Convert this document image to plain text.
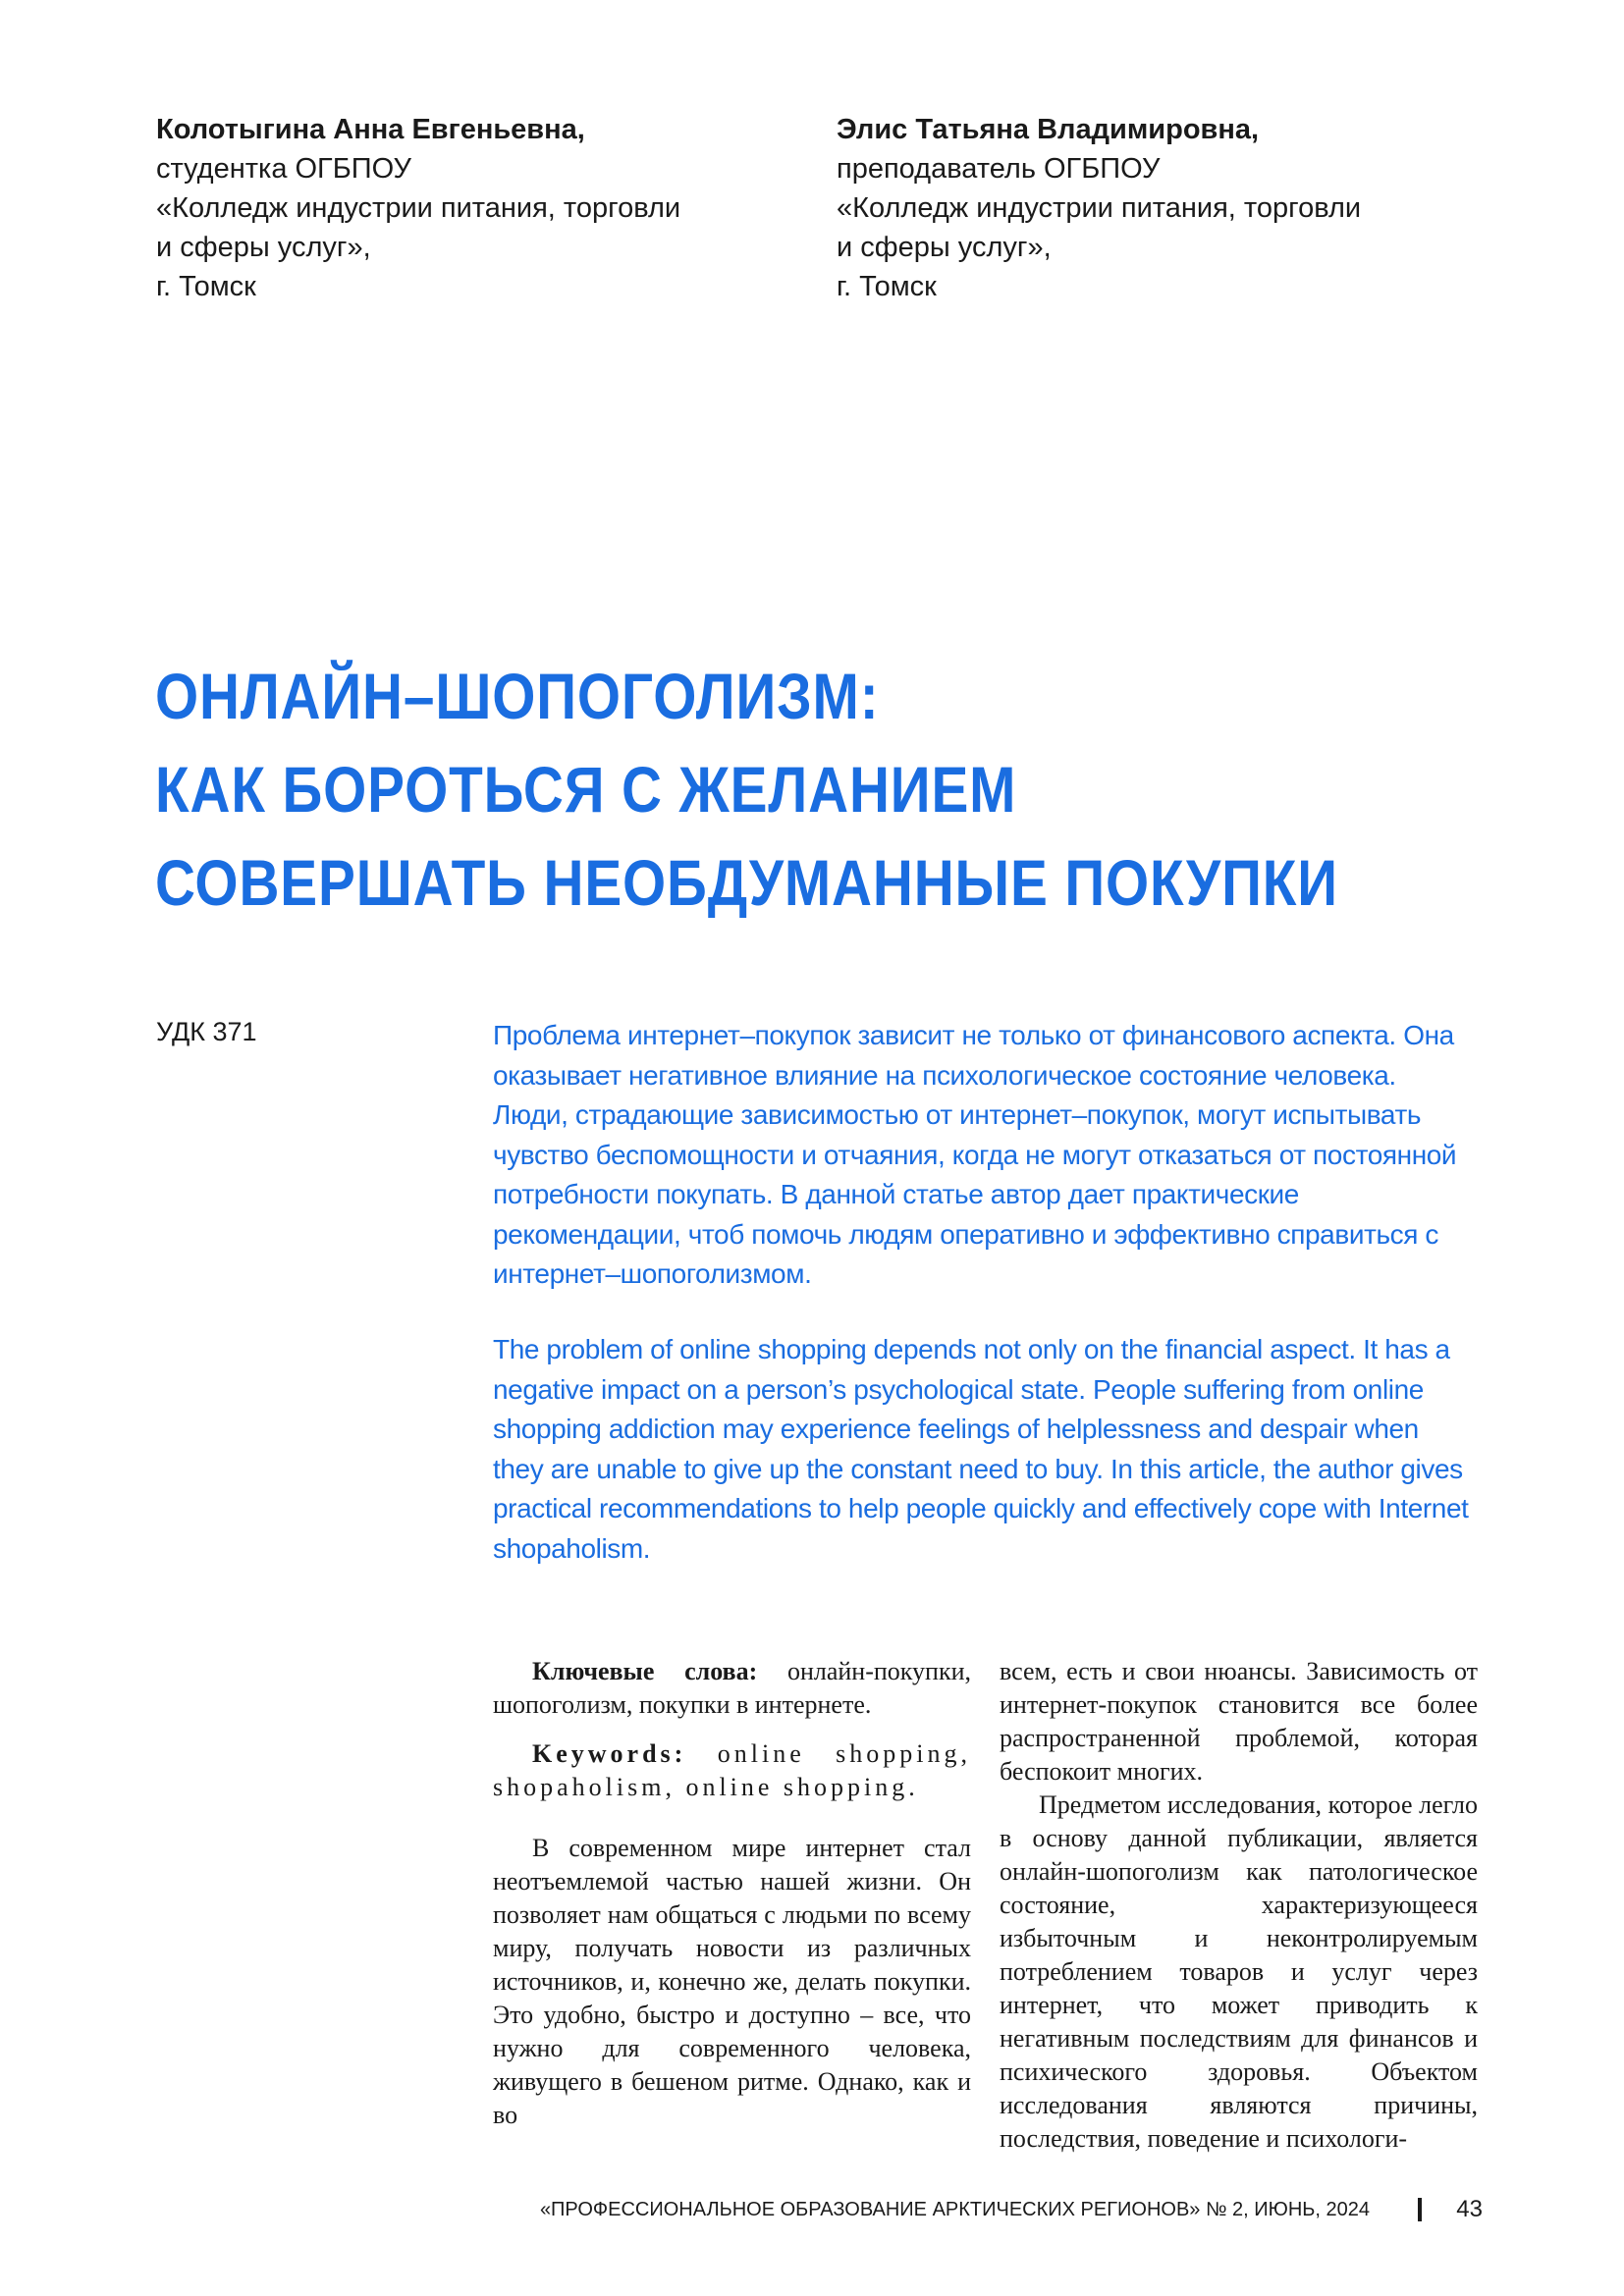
Колотыгина Анна Евгеньевна,
студентка ОГБПОУ
«Колледж индустрии питания, торговли
и сферы услуг»,
г. Томск
Элис Татьяна Владимировна,
преподаватель ОГБПОУ
«Колледж индустрии питания, торговли
и сферы услуг»,
г. Томск
ОНЛАЙН–ШОПОГОЛИЗМ:
КАК БОРОТЬСЯ С ЖЕЛАНИЕМ
СОВЕРШАТЬ НЕОБДУМАННЫЕ ПОКУПКИ
УДК 371	Проблема интернет–покупок зависит не только от финансового аспекта. Она оказывает негативное влияние на психологическое состояние человека. Люди, страдающие зависимостью от интернет–покупок, могут испытывать чувство беспомощности и отчаяния, когда не могут отказаться от постоянной потребности покупать. В данной статье автор дает практические рекомендации, чтоб помочь людям оперативно и эффективно справиться с интернет–шопоголизмом.
The problem of online shopping depends not only on the financial aspect. It has a negative impact on a person’s psychological state. People suffering from online shopping addiction may experience feelings of helplessness and despair when they are unable to give up the constant need to buy. In this article, the author gives practical recommendations to help people quickly and effectively cope with Internet shopaholism.

Ключевые слова: онлайн-покупки, шопоголизм, покупки в интернете.

Keywords: online shopping, shopaholism, online shopping.

В современном мире интернет стал неотъемлемой частью нашей жизни. Он позволяет нам общаться с людьми по всему миру, получать новости из различных источников, и, конечно же, делать покупки. Это удобно, быстро и доступно – все, что нужно для современного человека, живущего в бешеном ритме. Однако, как и во

всем, есть и свои нюансы. Зависимость от интернет-покупок становится все более распространенной проблемой, которая беспокоит многих.

Предметом исследования, которое легло в основу данной публикации, является онлайн-шопоголизм как патологическое состояние, характеризующееся избыточным и неконтролируемым потреблением товаров и услуг через интернет, что может приводить к негативным последствиям для финансов и психического здоровья. Объектом исследования являются причины, последствия, поведение и психологи-

«ПРОФЕССИОНАЛЬНОЕ ОБРАЗОВАНИЕ АРКТИЧЕСКИХ РЕГИОНОВ» № 2, ИЮНЬ, 2024	43
